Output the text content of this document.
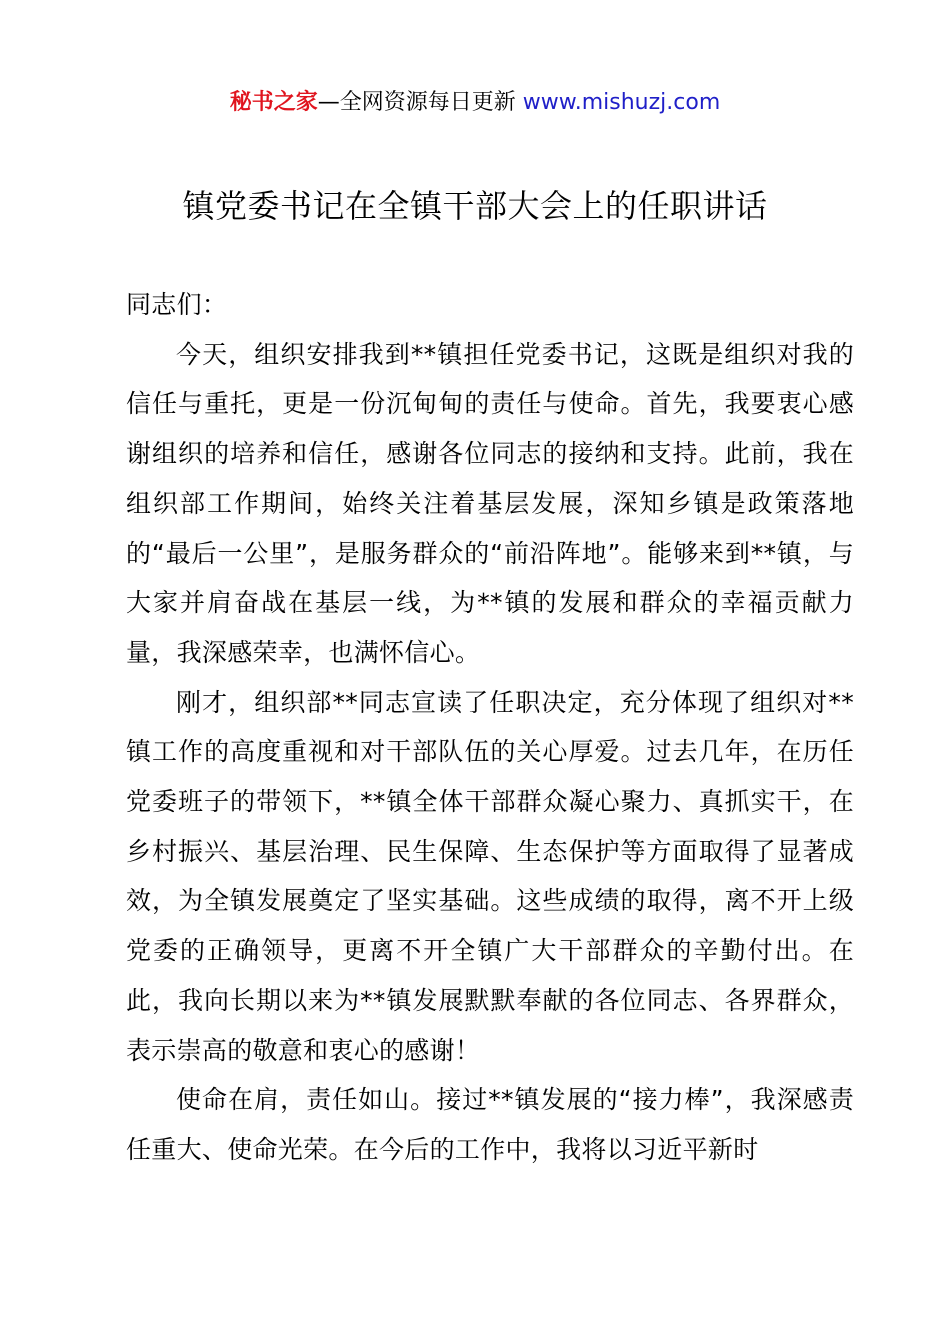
秘书之家—全网资源每日更新 www.mishuzj.com
镇党委书记在全镇干部大会上的任职讲话

同志们：

今天，组织安排我到**镇担任党委书记，这既是组织对我的信任与重托，更是一份沉甸甸的责任与使命。首先，我要衷心感谢组织的培养和信任，感谢各位同志的接纳和支持。此前，我在组织部工作期间，始终关注着基层发展，深知乡镇是政策落地的“最后一公里”，是服务群众的“前沿阵地”。能够来到**镇，与大家并肩奋战在基层一线，为**镇的发展和群众的幸福贡献力量，我深感荣幸，也满怀信心。

刚才，组织部**同志宣读了任职决定，充分体现了组织对**镇工作的高度重视和对干部队伍的关心厚爱。过去几年，在历任党委班子的带领下，**镇全体干部群众凝心聚力、真抓实干，在乡村振兴、基层治理、民生保障、生态保护等方面取得了显著成效，为全镇发展奠定了坚实基础。这些成绩的取得，离不开上级党委的正确领导，更离不开全镇广大干部群众的辛勤付出。在此，我向长期以来为**镇发展默默奉献的各位同志、各界群众，表示崇高的敬意和衷心的感谢！

使命在肩，责任如山。接过**镇发展的“接力棒”，我深感责任重大、使命光荣。在今后的工作中，我将以习近平新时
